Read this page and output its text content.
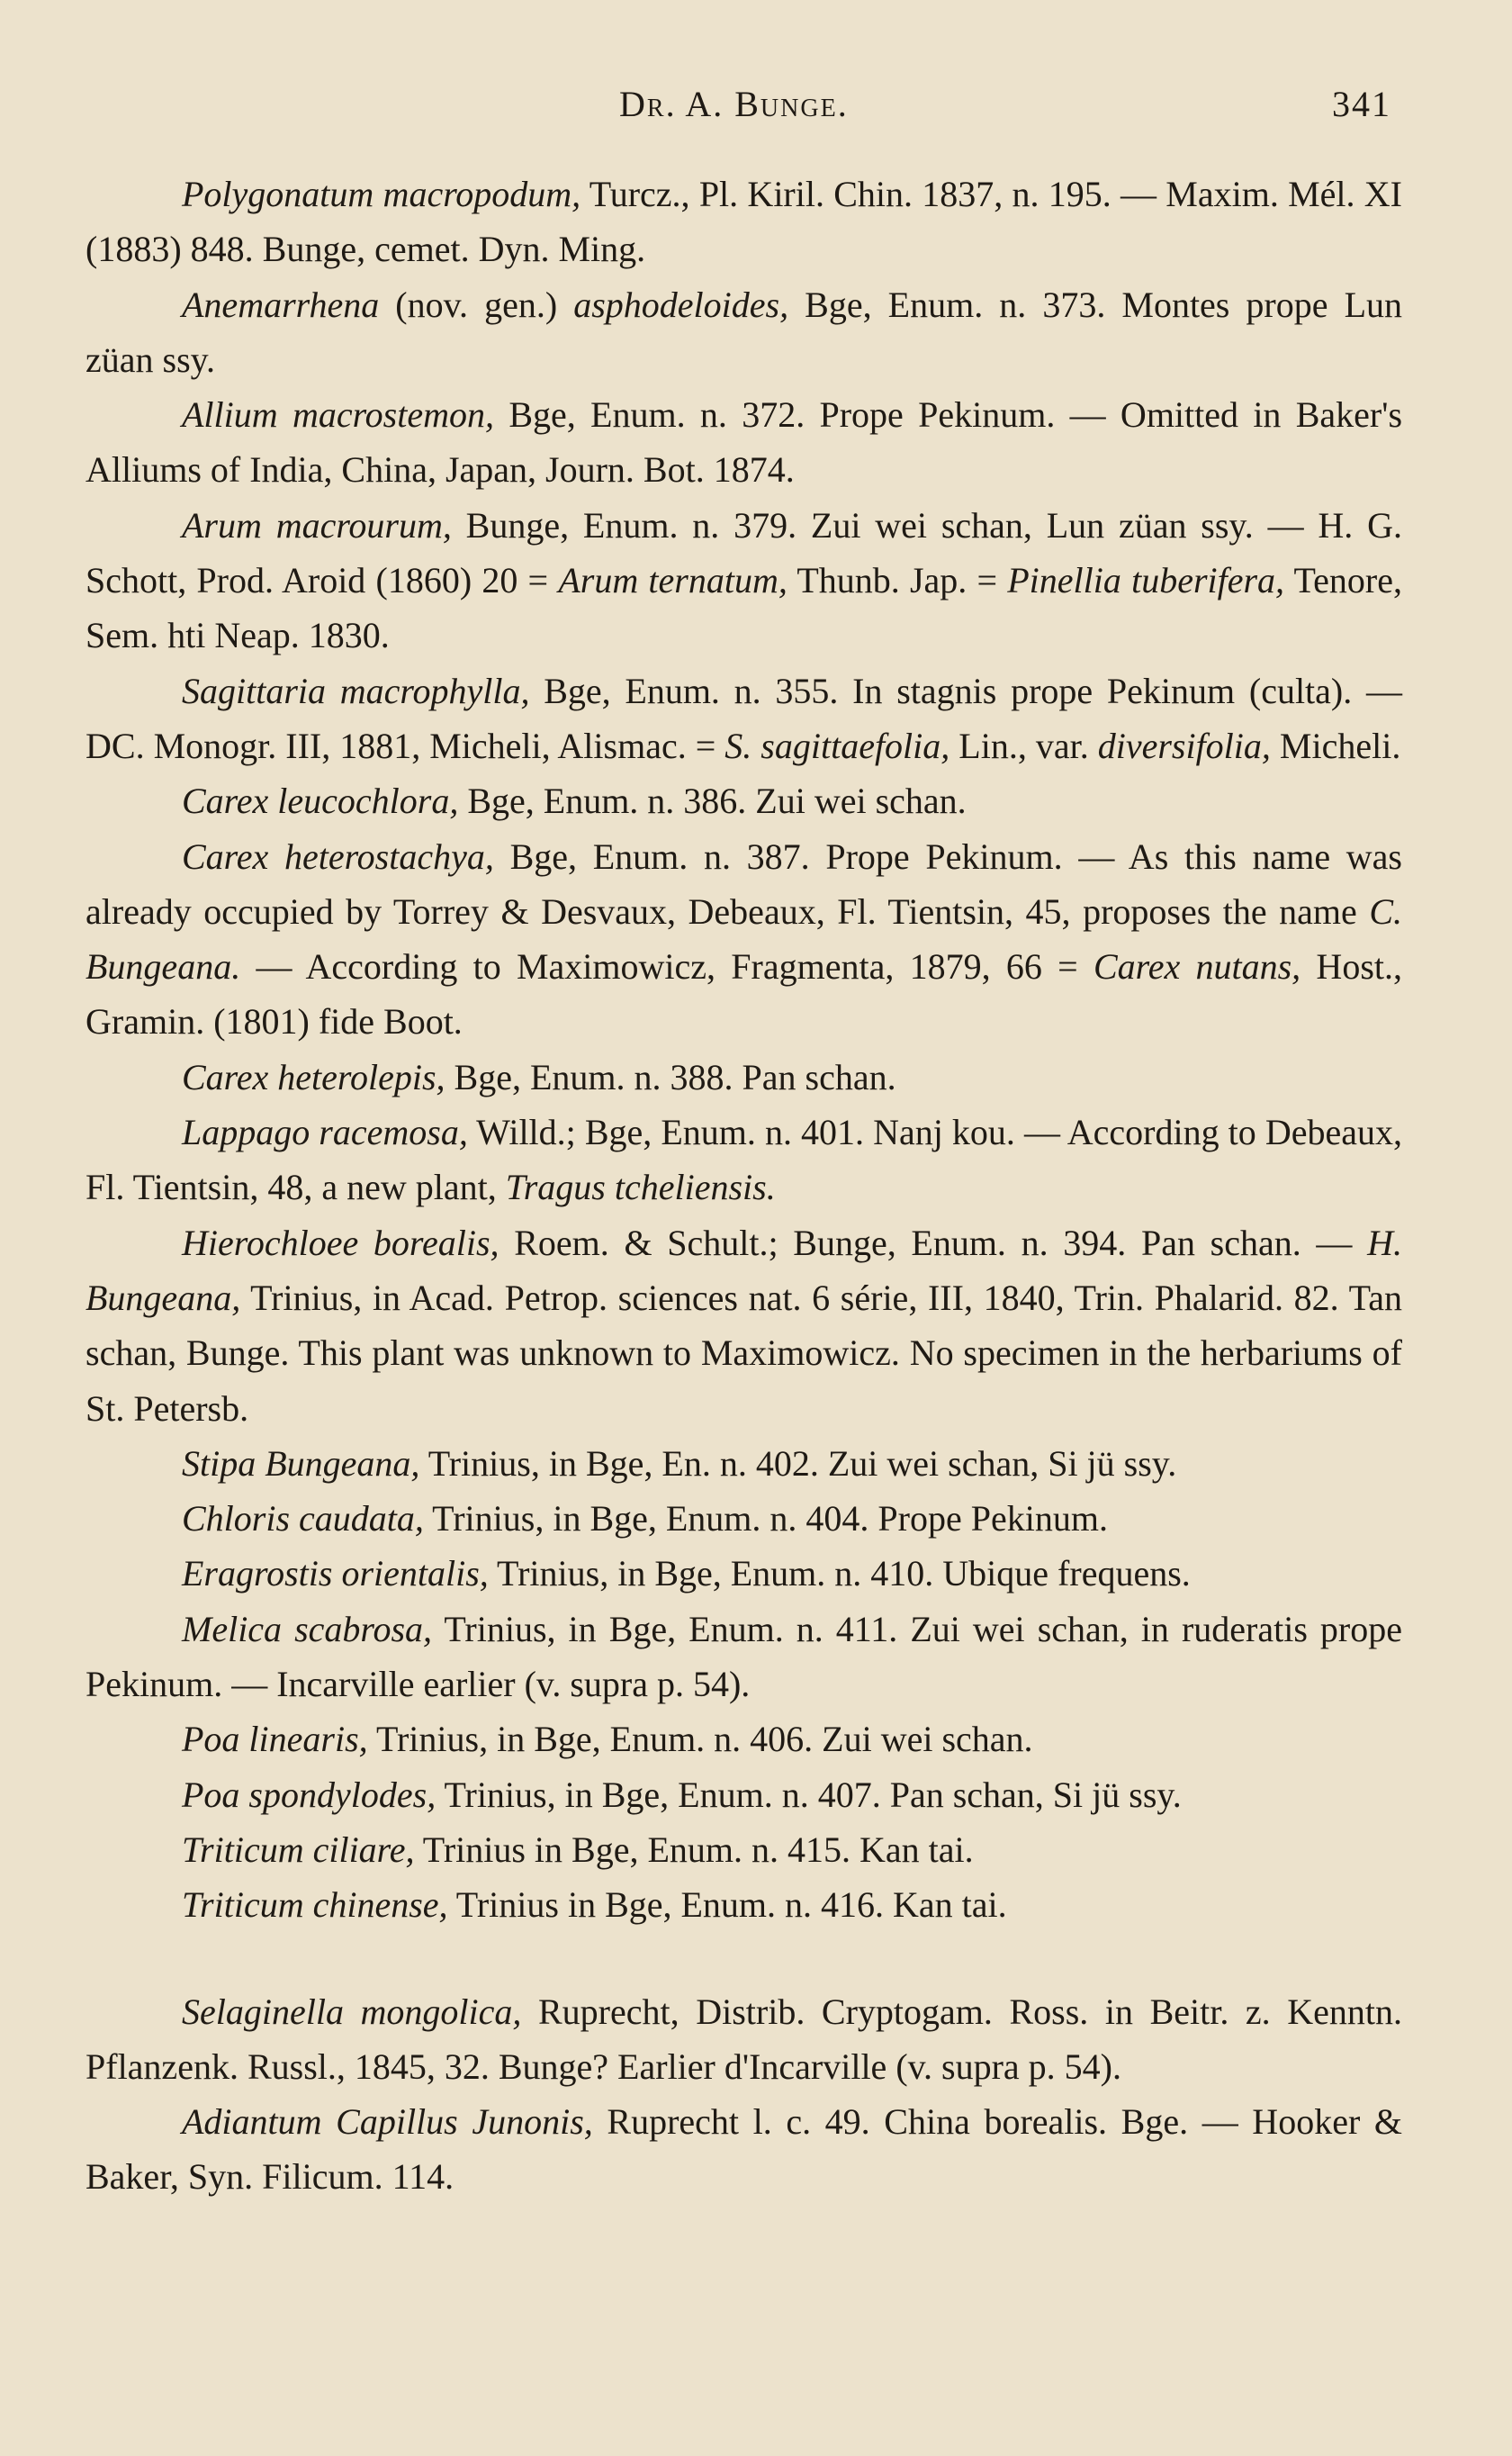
Dr. A. Bunge.	341

Polygonatum macropodum, Turcz., Pl. Kiril. Chin. 1837, n. 195. — Maxim. Mél. XI (1883) 848. Bunge, cemet. Dyn. Ming.

Anemarrhena (nov. gen.) asphodeloides, Bge, Enum. n. 373. Montes prope Lun züan ssy.

Allium macrostemon, Bge, Enum. n. 372. Prope Pekinum. — Omitted in Baker's Alliums of India, China, Japan, Journ. Bot. 1874.

Arum macrourum, Bunge, Enum. n. 379. Zui wei schan, Lun züan ssy. — H. G. Schott, Prod. Aroid (1860) 20 = Arum ternatum, Thunb. Jap. = Pinellia tuberifera, Tenore, Sem. hti Neap. 1830.

Sagittaria macrophylla, Bge, Enum. n. 355. In stagnis prope Pekinum (culta). — DC. Monogr. III, 1881, Micheli, Alismac. = S. sagittaefolia, Lin., var. diversifolia, Micheli.

Carex leucochlora, Bge, Enum. n. 386. Zui wei schan.

Carex heterostachya, Bge, Enum. n. 387. Prope Pekinum. — As this name was already occupied by Torrey & Desvaux, Debeaux, Fl. Tientsin, 45, proposes the name C. Bungeana. — According to Maximowicz, Fragmenta, 1879, 66 = Carex nutans, Host., Gramin. (1801) fide Boot.

Carex heterolepis, Bge, Enum. n. 388. Pan schan.

Lappago racemosa, Willd.; Bge, Enum. n. 401. Nanj kou. — According to Debeaux, Fl. Tientsin, 48, a new plant, Tragus tcheliensis.

Hierochloee borealis, Roem. & Schult.; Bunge, Enum. n. 394. Pan schan. — H. Bungeana, Trinius, in Acad. Petrop. sciences nat. 6 série, III, 1840, Trin. Phalarid. 82. Tan schan, Bunge. This plant was unknown to Maximowicz. No specimen in the herbariums of St. Petersb.

Stipa Bungeana, Trinius, in Bge, En. n. 402. Zui wei schan, Si jü ssy.

Chloris caudata, Trinius, in Bge, Enum. n. 404. Prope Pekinum.

Eragrostis orientalis, Trinius, in Bge, Enum. n. 410. Ubique frequens.

Melica scabrosa, Trinius, in Bge, Enum. n. 411. Zui wei schan, in ruderatis prope Pekinum. — Incarville earlier (v. supra p. 54).

Poa linearis, Trinius, in Bge, Enum. n. 406. Zui wei schan.

Poa spondylodes, Trinius, in Bge, Enum. n. 407. Pan schan, Si jü ssy.

Triticum ciliare, Trinius in Bge, Enum. n. 415. Kan tai.

Triticum chinense, Trinius in Bge, Enum. n. 416. Kan tai.

Selaginella mongolica, Ruprecht, Distrib. Cryptogam. Ross. in Beitr. z. Kenntn. Pflanzenk. Russl., 1845, 32. Bunge? Earlier d'Incarville (v. supra p. 54).

Adiantum Capillus Junonis, Ruprecht l. c. 49. China borealis. Bge. — Hooker & Baker, Syn. Filicum. 114.
